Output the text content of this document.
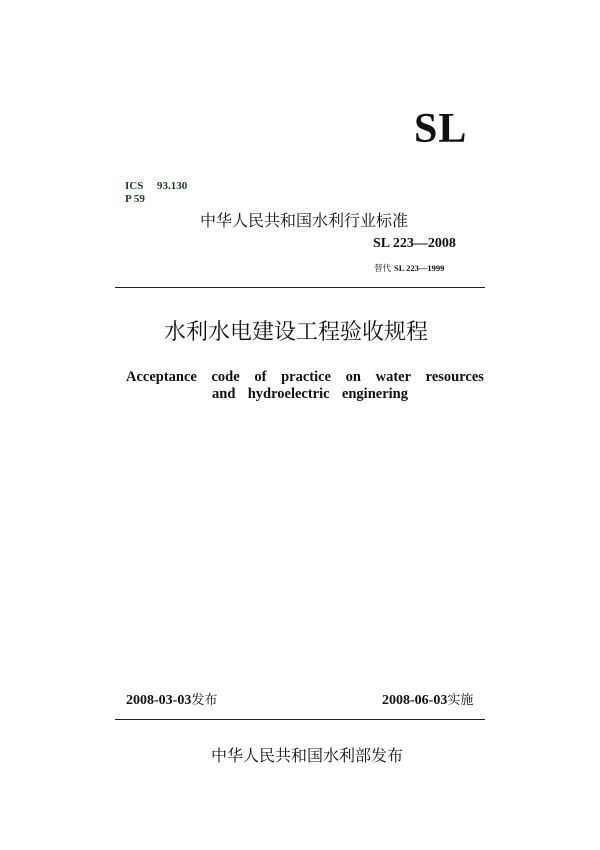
SL
ICS 93.130
P 59
中华人民共和国水利行业标准
SL 223—2008
替代 SL 223—1999
水利水电建设工程验收规程
Acceptance code of practice on water resources
and hydroelectric enginering
2008-03-03发布	2008-06-03实施
中华人民共和国水利部发布
